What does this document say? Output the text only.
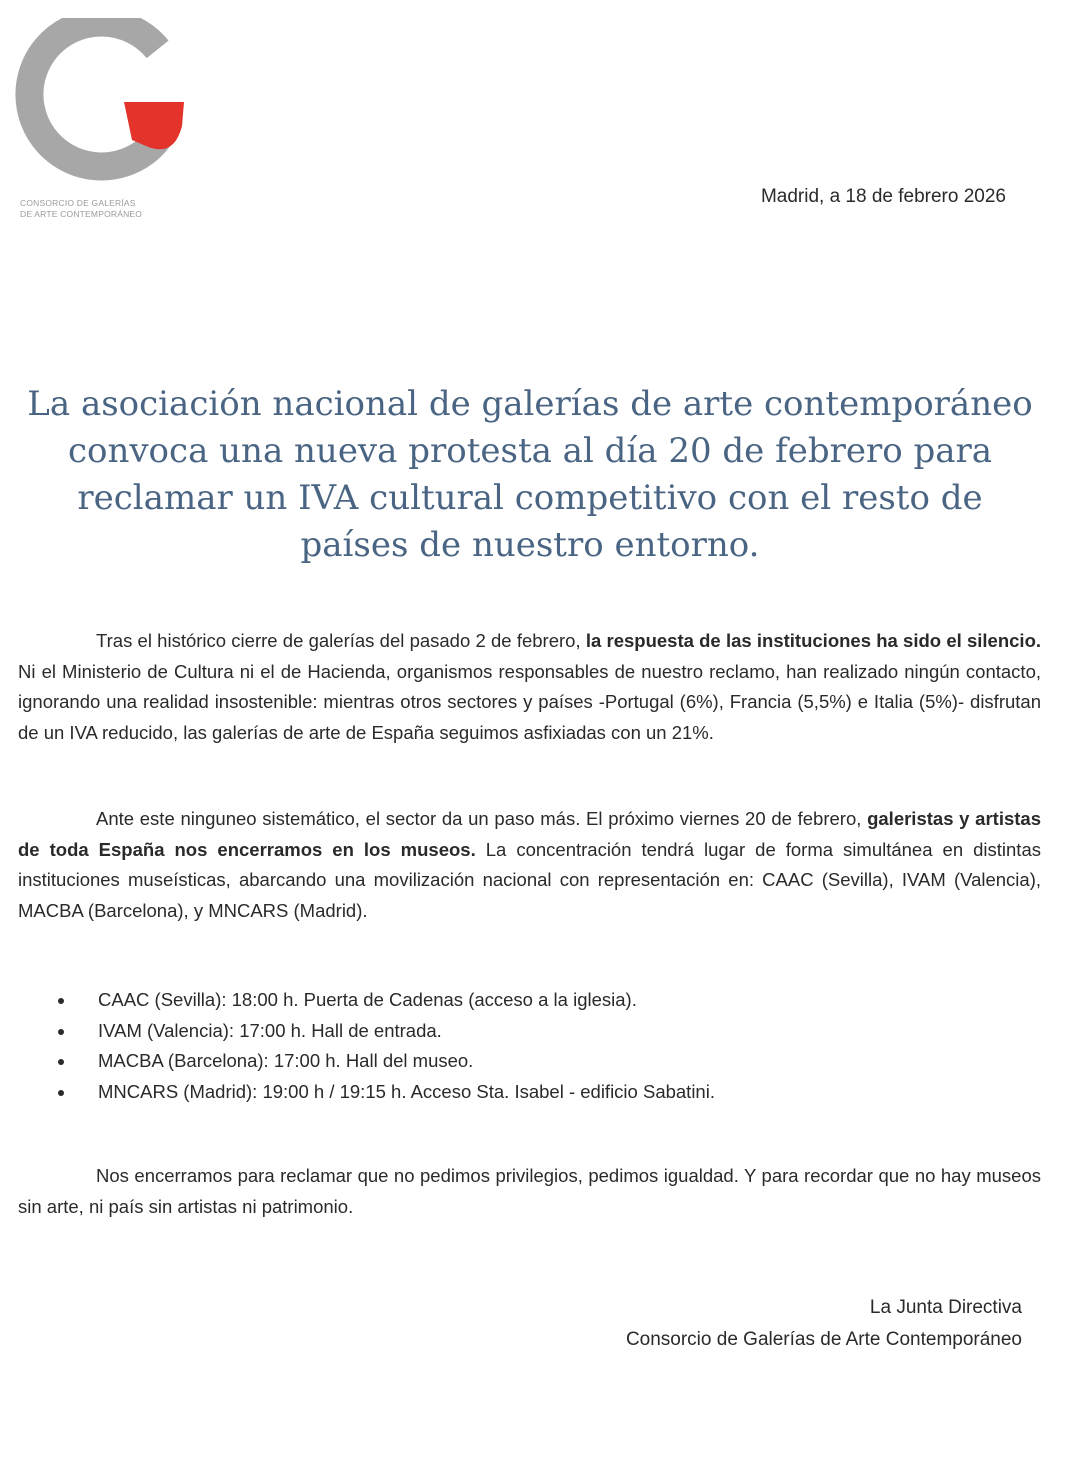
CONSORCIO DE GALERÍAS
DE ARTE CONTEMPORÁNEO
Madrid, a 18 de febrero 2026
La asociación nacional de galerías de arte contemporáneo convoca una nueva protesta al día 20 de febrero para reclamar un IVA cultural competitivo con el resto de países de nuestro entorno.
Tras el histórico cierre de galerías del pasado 2 de febrero, la respuesta de las instituciones ha sido el silencio. Ni el Ministerio de Cultura ni el de Hacienda, organismos responsables de nuestro reclamo, han realizado ningún contacto, ignorando una realidad insostenible: mientras otros sectores y países -Portugal (6%), Francia (5,5%) e Italia (5%)- disfrutan de un IVA reducido, las galerías de arte de España seguimos asfixiadas con un 21%.
Ante este ninguneo sistemático, el sector da un paso más. El próximo viernes 20 de febrero, galeristas y artistas de toda España nos encerramos en los museos. La concentración tendrá lugar de forma simultánea en distintas instituciones museísticas, abarcando una movilización nacional con representación en: CAAC (Sevilla), IVAM (Valencia), MACBA (Barcelona), y MNCARS (Madrid).
CAAC (Sevilla): 18:00 h. Puerta de Cadenas (acceso a la iglesia).
IVAM (Valencia): 17:00 h. Hall de entrada.
MACBA (Barcelona): 17:00 h. Hall del museo.
MNCARS (Madrid): 19:00 h / 19:15 h. Acceso Sta. Isabel - edificio Sabatini.
Nos encerramos para reclamar que no pedimos privilegios, pedimos igualdad. Y para recordar que no hay museos sin arte, ni país sin artistas ni patrimonio.
La Junta Directiva
Consorcio de Galerías de Arte Contemporáneo
